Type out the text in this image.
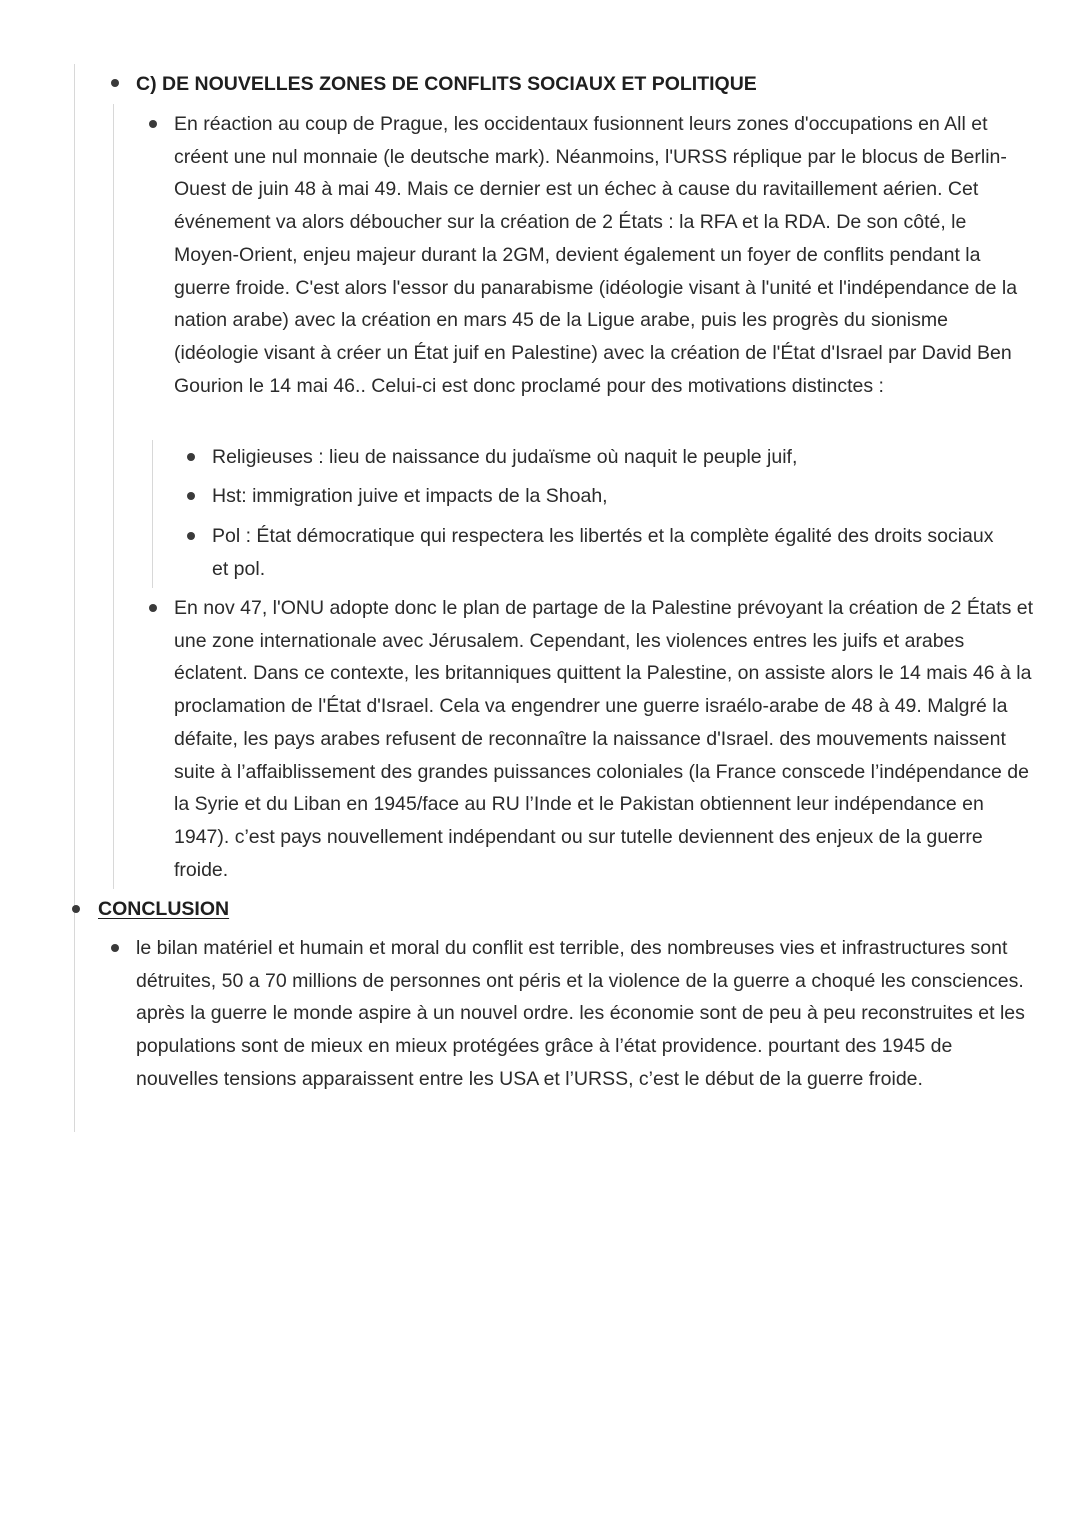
C) DE NOUVELLES ZONES DE CONFLITS SOCIAUX ET POLITIQUE
En réaction au coup de Prague, les occidentaux fusionnent leurs zones d'occupations en All et créent une nul monnaie (le deutsche mark). Néanmoins, l'URSS réplique par le blocus de Berlin-Ouest de juin 48 à mai 49. Mais ce dernier est un échec à cause du ravitaillement aérien. Cet événement va alors déboucher sur la création de 2 États : la RFA et la RDA. De son côté, le Moyen-Orient, enjeu majeur durant la 2GM, devient également un foyer de conflits pendant la guerre froide. C'est alors l'essor du panarabisme (idéologie visant à l'unité et l'indépendance de la nation arabe) avec la création en mars 45 de la Ligue arabe, puis les progrès du sionisme (idéologie visant à créer un État juif en Palestine) avec la création de l'État d'Israel par David Ben Gourion le 14 mai 46.. Celui-ci est donc proclamé pour des motivations distinctes :
Religieuses : lieu de naissance du judaïsme où naquit le peuple juif,
Hst: immigration juive et impacts de la Shoah,
Pol : État démocratique qui respectera les libertés et la complète égalité des droits sociaux et pol.
En nov 47, l'ONU adopte donc le plan de partage de la Palestine prévoyant la création de 2 États et une zone internationale avec Jérusalem. Cependant, les violences entres les juifs et arabes éclatent. Dans ce contexte, les britanniques quittent la Palestine, on assiste alors le 14 mais 46 à la proclamation de l'État d'Israel. Cela va engendrer une guerre israélo-arabe de 48 à 49. Malgré la défaite, les pays arabes refusent de reconnaître la naissance d'Israel. des mouvements naissent suite à l’affaiblissement des grandes puissances coloniales (la France conscede l’indépendance de la Syrie et du Liban en 1945/face au RU l’Inde et le Pakistan obtiennent leur indépendance en 1947). c’est pays nouvellement indépendant ou sur tutelle deviennent des enjeux de la guerre froide.
CONCLUSION
le bilan matériel et humain et moral du conflit est terrible, des nombreuses vies et infrastructures sont détruites, 50 a 70 millions de personnes ont péris et la violence de la guerre a choqué les consciences. après la guerre le monde aspire à un nouvel ordre. les économie sont de peu à peu reconstruites et les populations sont de mieux en mieux protégées grâce à l’état providence. pourtant des 1945 de nouvelles tensions apparaissent entre les USA et l’URSS, c’est le début de la guerre froide.
